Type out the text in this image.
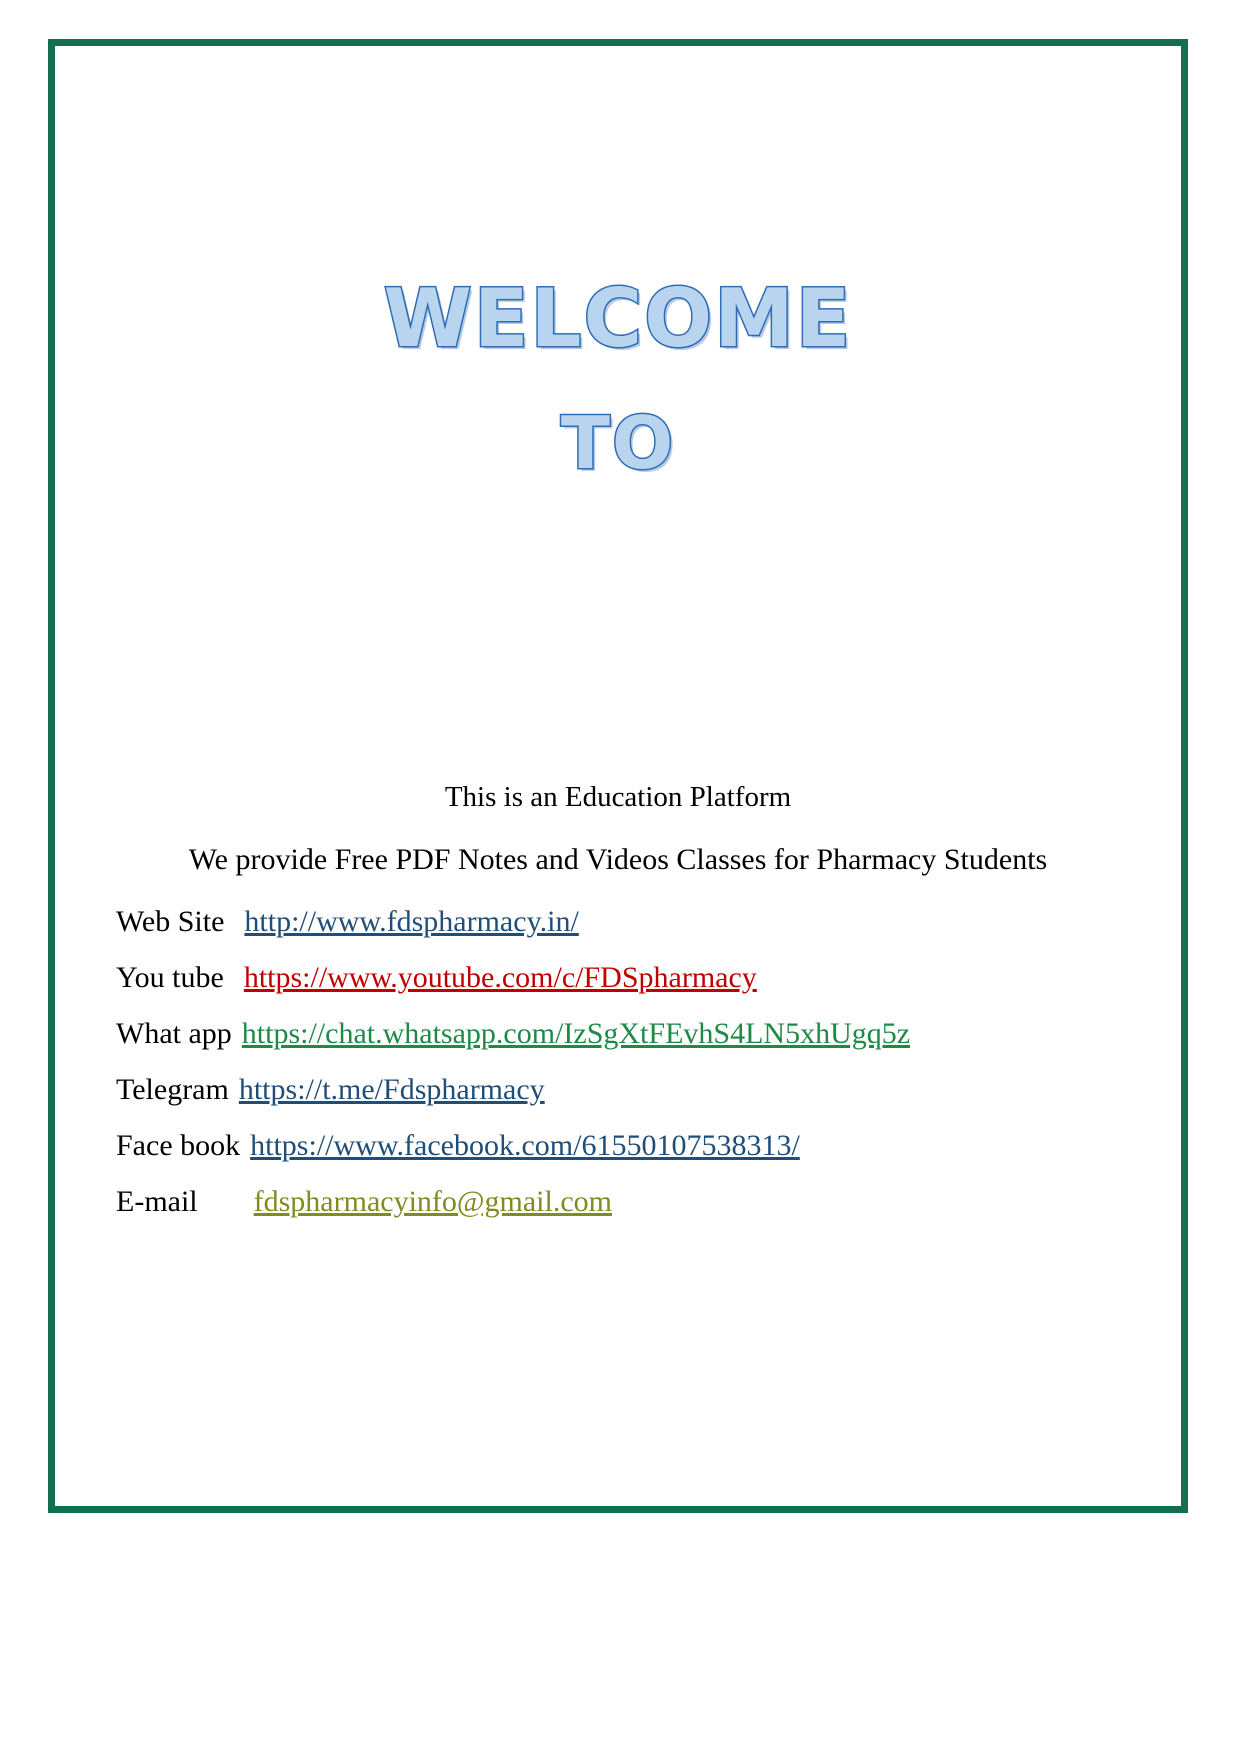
WELCOME
TO
This is an Education Platform
We provide Free PDF Notes and Videos Classes for Pharmacy Students
Web Site http://www.fdspharmacy.in/
You tube https://www.youtube.com/c/FDSpharmacy
What app https://chat.whatsapp.com/IzSgXtFEvhS4LN5xhUgq5z
Telegram https://t.me/Fdspharmacy
Face book https://www.facebook.com/61550107538313/
E-mail fdspharmacyinfo@gmail.com
